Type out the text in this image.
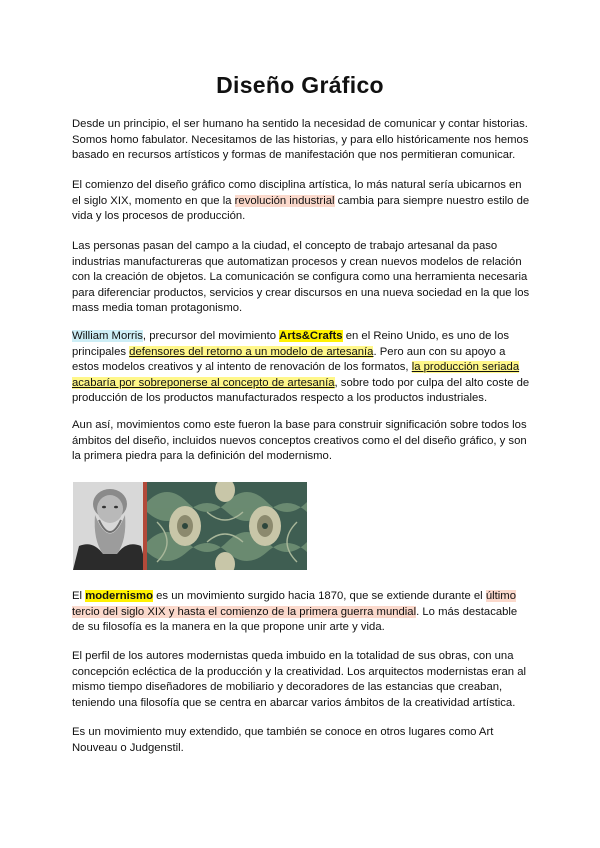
Diseño Gráfico

Desde un principio, el ser humano ha sentido la necesidad de comunicar y contar historias. Somos homo fabulator. Necesitamos de las historias, y para ello históricamente nos hemos basado en recursos artísticos y formas de manifestación que nos permitieran comunicar.

El comienzo del diseño gráfico como disciplina artística, lo más natural sería ubicarnos en el siglo XIX, momento en que la revolución industrial cambia para siempre nuestro estilo de vida y los procesos de producción.

Las personas pasan del campo a la ciudad, el concepto de trabajo artesanal da paso industrias manufactureras que automatizan procesos y crean nuevos modelos de relación con la creación de objetos. La comunicación se configura como una herramienta necesaria para diferenciar productos, servicios y crear discursos en una nueva sociedad en la que los mass media toman protagonismo.

William Morris, precursor del movimiento Arts&Crafts en el Reino Unido, es uno de los principales defensores del retorno a un modelo de artesanía. Pero aun con su apoyo a estos modelos creativos y al intento de renovación de los formatos, la producción seriada acabaría por sobreponerse al concepto de artesanía, sobre todo por culpa del alto coste de producción de los productos manufacturados respecto a los productos industriales.

Aun así, movimientos como este fueron la base para construir significación sobre todos los ámbitos del diseño, incluidos nuevos conceptos creativos como el del diseño gráfico, y son la primera piedra para la definición del modernismo.

El modernismo es un movimiento surgido hacia 1870, que se extiende durante el último tercio del siglo XIX y hasta el comienzo de la primera guerra mundial. Lo más destacable de su filosofía es la manera en la que propone unir arte y vida.

El perfil de los autores modernistas queda imbuido en la totalidad de sus obras, con una concepción ecléctica de la producción y la creatividad. Los arquitectos modernistas eran al mismo tiempo diseñadores de mobiliario y decoradores de las estancias que creaban, teniendo una filosofía que se centra en abarcar varios ámbitos de la creatividad artística.

Es un movimiento muy extendido, que también se conoce en otros lugares como Art Nouveau o Judgenstil.
